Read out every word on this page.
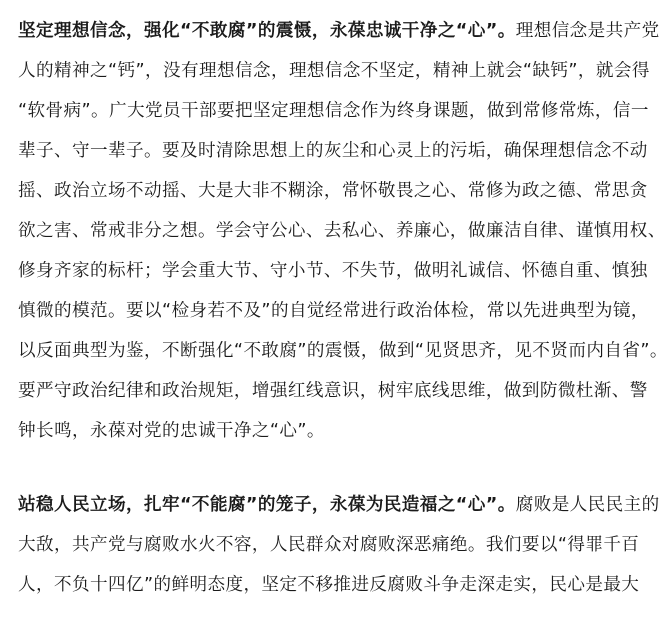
坚定理想信念，强化“不敢腐”的震慑，永葆忠诚干净之“心”。理想信念是共产党
人的精神之“钙”，没有理想信念，理想信念不坚定，精神上就会“缺钙”，就会得
“软骨病”。广大党员干部要把坚定理想信念作为终身课题，做到常修常炼，信一
辈子、守一辈子。要及时清除思想上的灰尘和心灵上的污垢，确保理想信念不动
摇、政治立场不动摇、大是大非不糊涂，常怀敬畏之心、常修为政之德、常思贪
欲之害、常戒非分之想。学会守公心、去私心、养廉心，做廉洁自律、谨慎用权、
修身齐家的标杆；学会重大节、守小节、不失节，做明礼诚信、怀德自重、慎独
慎微的模范。要以“检身若不及”的自觉经常进行政治体检，常以先进典型为镜，
以反面典型为鉴，不断强化“不敢腐”的震慑，做到“见贤思齐，见不贤而内自省”。
要严守政治纪律和政治规矩，增强红线意识，树牢底线思维，做到防微杜渐、警
钟长鸣，永葆对党的忠诚干净之“心”。
站稳人民立场，扎牢“不能腐”的笼子，永葆为民造福之“心”。腐败是人民民主的
大敌，共产党与腐败水火不容，人民群众对腐败深恶痛绝。我们要以“得罪千百
人，不负十四亿”的鲜明态度，坚定不移推进反腐败斗争走深走实，民心是最大
